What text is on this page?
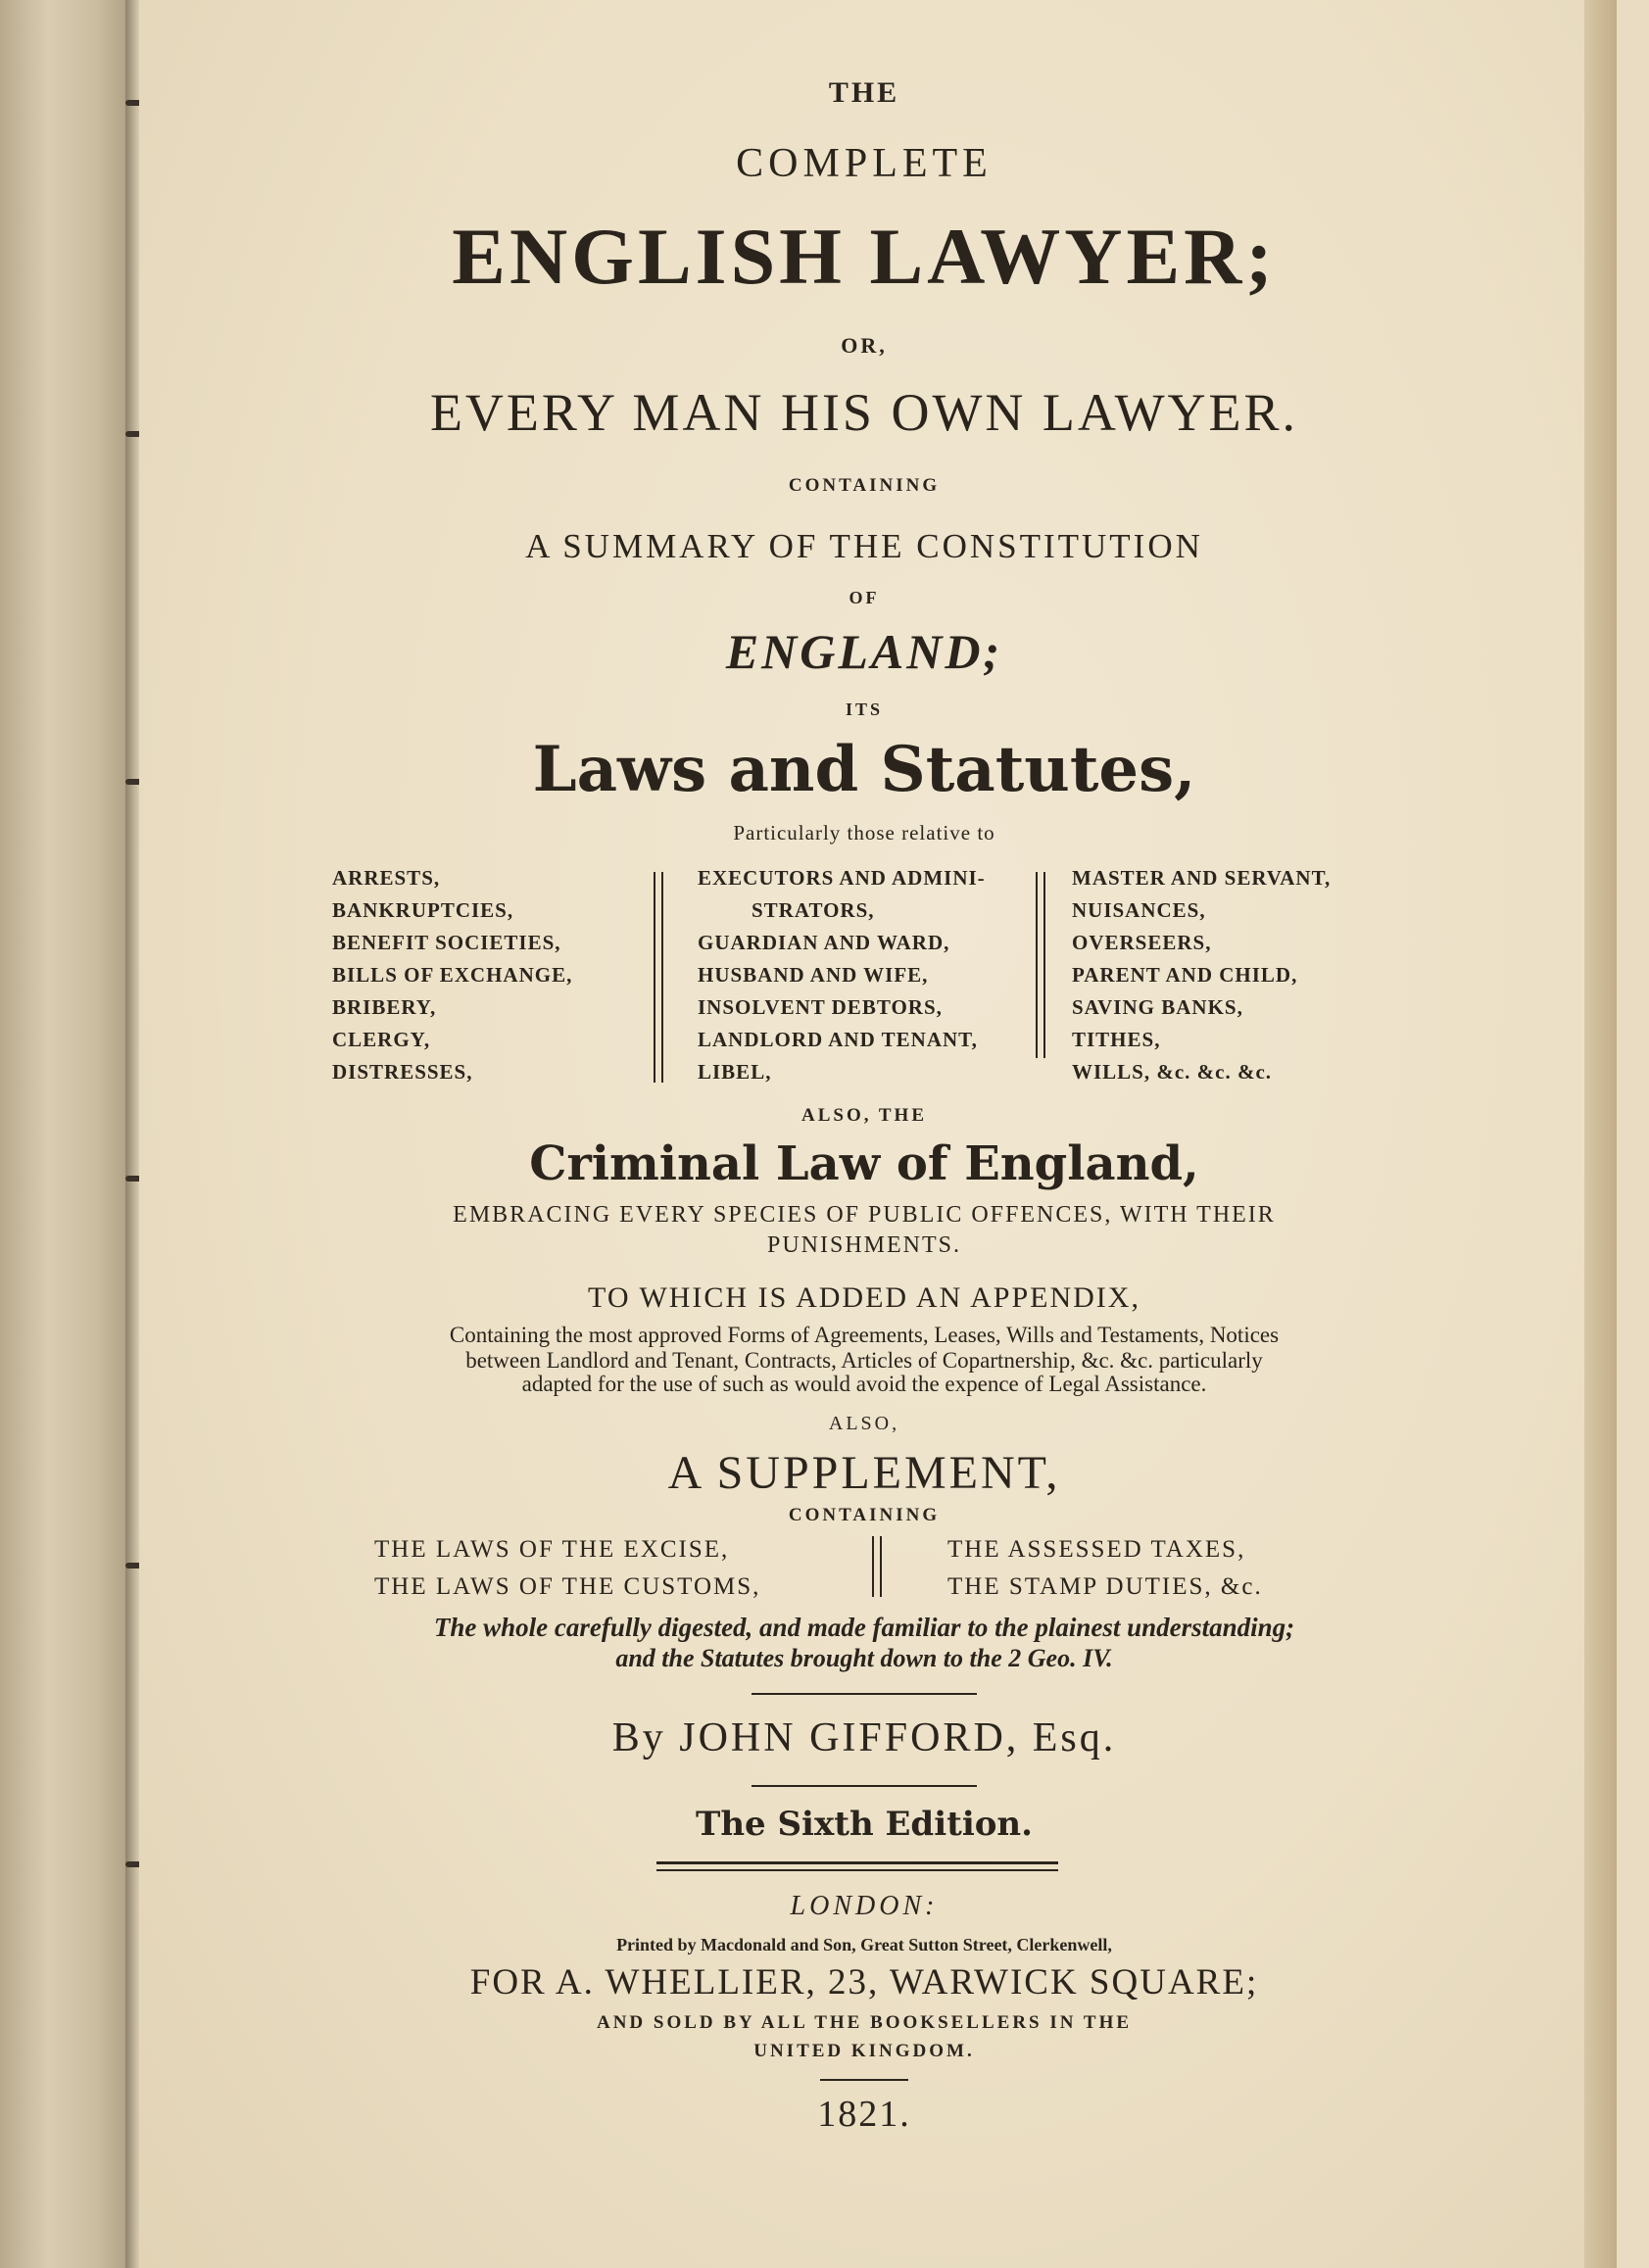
THE
COMPLETE
ENGLISH LAWYER;
OR,
EVERY MAN HIS OWN LAWYER.
CONTAINING
A SUMMARY OF THE CONSTITUTION
OF
ENGLAND;
ITS
Laws and Statutes,
Particularly those relative to
ARRESTS,
BANKRUPTCIES,
BENEFIT SOCIETIES,
BILLS OF EXCHANGE,
BRIBERY,
CLERGY,
DISTRESSES,
EXECUTORS AND ADMINI-
STRATORS,
GUARDIAN AND WARD,
HUSBAND AND WIFE,
INSOLVENT DEBTORS,
LANDLORD AND TENANT,
LIBEL,
MASTER AND SERVANT,
NUISANCES,
OVERSEERS,
PARENT AND CHILD,
SAVING BANKS,
TITHES,
WILLS, &c. &c. &c.
ALSO, THE
Criminal Law of England,
EMBRACING EVERY SPECIES OF PUBLIC OFFENCES, WITH THEIR
PUNISHMENTS.
TO WHICH IS ADDED AN APPENDIX,
Containing the most approved Forms of Agreements, Leases, Wills and Testaments, Notices
between Landlord and Tenant, Contracts, Articles of Copartnership, &c. &c. particularly
adapted for the use of such as would avoid the expence of Legal Assistance.
ALSO,
A SUPPLEMENT,
CONTAINING
THE LAWS OF THE EXCISE,
THE LAWS OF THE CUSTOMS,
THE ASSESSED TAXES,
THE STAMP DUTIES, &c.
The whole carefully digested, and made familiar to the plainest understanding;
and the Statutes brought down to the 2 Geo. IV.
By JOHN GIFFORD, Esq.
The Sixth Edition.
LONDON:
Printed by Macdonald and Son, Great Sutton Street, Clerkenwell,
FOR A. WHELLIER, 23, WARWICK SQUARE;
AND SOLD BY ALL THE BOOKSELLERS IN THE
UNITED KINGDOM.
1821.
